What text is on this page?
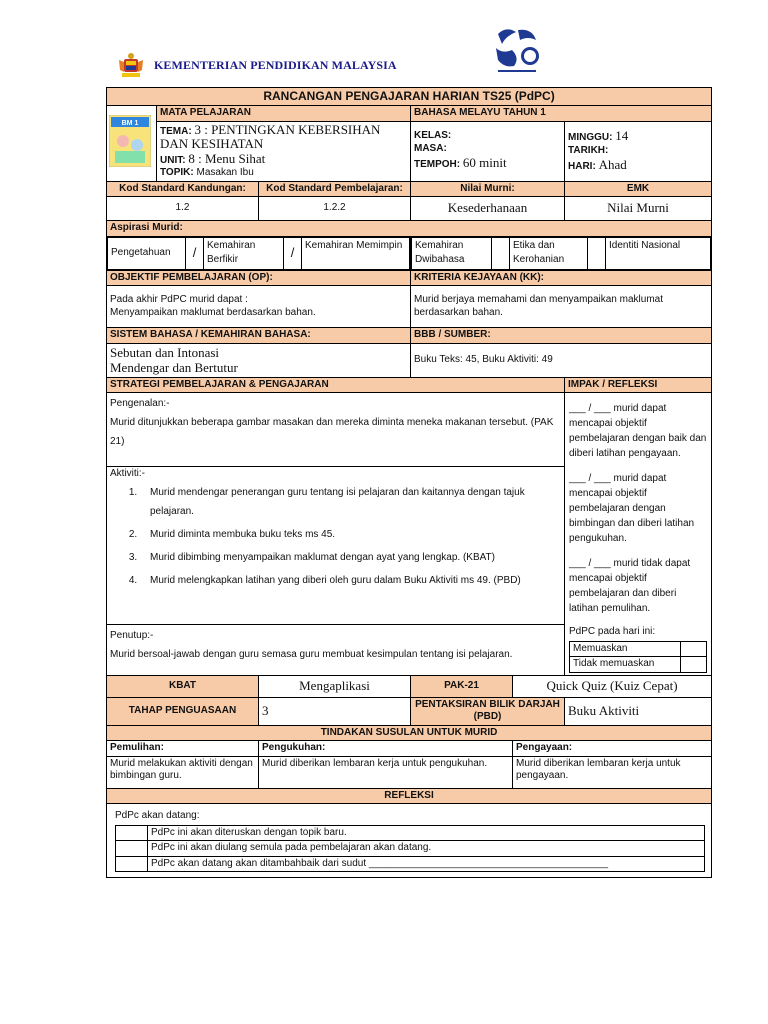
KEMENTERIAN PENDIDIKAN MALAYSIA
RANCANGAN PENGAJARAN HARIAN TS25 (PdPC)

BM 1
	MATA PELAJARAN	BAHASA MELAYU TAHUN 1

TEMA: 3 : PENTINGKAN KEBERSIHAN DAN KESIHATAN
UNIT: 8 : Menu Sihat
TOPIK: Masakan Ibu

KELAS:
MASA:
TEMPOH: 60 minit

MINGGU: 14
TARIKH:
HARI: Ahad

Kod Standard Kandungan:	Kod Standard Pembelajaran:	Nilai Murni:	EMK
1.2	1.2.2	Kesederhanaan	Nilai Murni
Aspirasi Murid:

Pengetahuan	/	Kemahiran Berfikir	/	Kemahiran Memimpin
	Kemahiran Dwibahasa		Etika dan Kerohanian		Identiti Nasional

OBJEKTIF PEMBELAJARAN (OP):	KRITERIA KEJAYAAN (KK):

Pada akhir PdPC murid dapat :
Menyampaikan maklumat berdasarkan bahan.
	Murid berjaya memahami dan menyampaikan maklumat berdasarkan bahan.
SISTEM BAHASA / KEMAHIRAN BAHASA:	BBB / SUMBER:

Sebutan dan Intonasi
Mendengar dan Bertutur
	Buku Teks: 45, Buku Aktiviti: 49
STRATEGI PEMBELAJARAN & PENGAJARAN	IMPAK / REFLEKSI

Pengenalan:-
Murid ditunjukkan beberapa gambar masakan dan mereka diminta meneka makanan tersebut. (PAK 21)

___ / ___ murid dapat mencapai objektif pembelajaran dengan baik dan diberi latihan pengayaan.
___ / ___ murid dapat mencapai objektif pembelajaran dengan bimbingan dan diberi latihan pengukuhan.
___ / ___ murid tidak dapat mencapai objektif pembelajaran dan diberi latihan pemulihan.
PdPC pada hari ini:
Memuaskan	
Tidak memuaskan	

Aktiviti:-
1. Murid mendengar penerangan guru tentang isi pelajaran dan kaitannya dengan tajuk pelajaran.
2. Murid diminta membuka buku teks ms 45.
3. Murid dibimbing menyampaikan maklumat dengan ayat yang lengkap. (KBAT)
4. Murid melengkapkan latihan yang diberi oleh guru dalam Buku Aktiviti ms 49. (PBD)

Penutup:-
Murid bersoal-jawab dengan guru semasa guru membuat kesimpulan tentang isi pelajaran.

KBAT	Mengaplikasi	PAK-21	Quick Quiz (Kuiz Cepat)
TAHAP PENGUASAAN	3	PENTAKSIRAN BILIK DARJAH (PBD)	Buku Aktiviti
TINDAKAN SUSULAN UNTUK MURID
Pemulihan:	Pengukuhan:	Pengayaan:
Murid melakukan aktiviti dengan bimbingan guru.	Murid diberikan lembaran kerja untuk pengukuhan.	Murid diberikan lembaran kerja untuk pengayaan.
REFLEKSI

PdPc akan datang:
	PdPc ini akan diteruskan dengan topik baru.
	PdPc ini akan diulang semula pada pembelajaran akan datang.
	PdPc akan datang akan ditambahbaik dari sudut ___________________________________________
